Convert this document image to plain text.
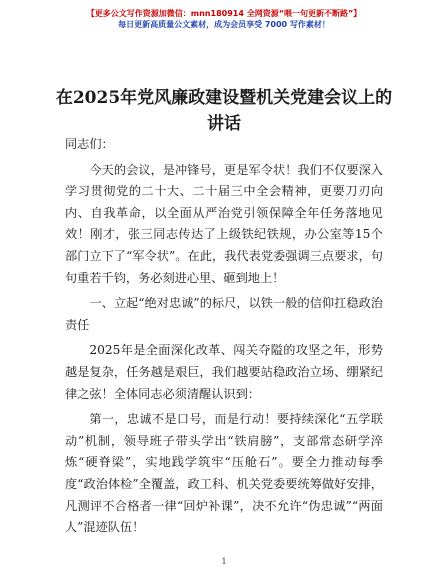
【更多公文写作资源加微信：mnn180914 全网资源“喂一句更新不断路”】
每日更新高质量公文素材，成为会员享受 7000 写作素材！
在2025年党风廉政建设暨机关党建会议上的讲话

同志们：

今天的会议，是冲锋号，更是军令状！我们不仅要深入学习贯彻党的二十大、二十届三中全会精神，更要刀刃向内、自我革命，以全面从严治党引领保障全年任务落地见效！刚才，张三同志传达了上级铁纪铁规，办公室等15个部门立下了“军令状”。在此，我代表党委强调三点要求，句句重若千钧，务必刻进心里、砸到地上！

一、立起“绝对忠诚”的标尺，以铁一般的信仰扛稳政治责任

2025年是全面深化改革、闯关夺隘的攻坚之年，形势越是复杂，任务越是艰巨，我们越要站稳政治立场、绷紧纪律之弦！全体同志必须清醒认识到：

第一，忠诚不是口号，而是行动！要持续深化“五学联动”机制，领导班子带头学出“铁肩膀”，支部常态研学淬炼“硬脊梁”，实地践学筑牢“压舱石”。要全力推动每季度“政治体检”全覆盖，政工科、机关党委要统筹做好安排，凡测评不合格者一律“回炉补课”，决不允许“伪忠诚”“两面人”混迹队伍！

1
